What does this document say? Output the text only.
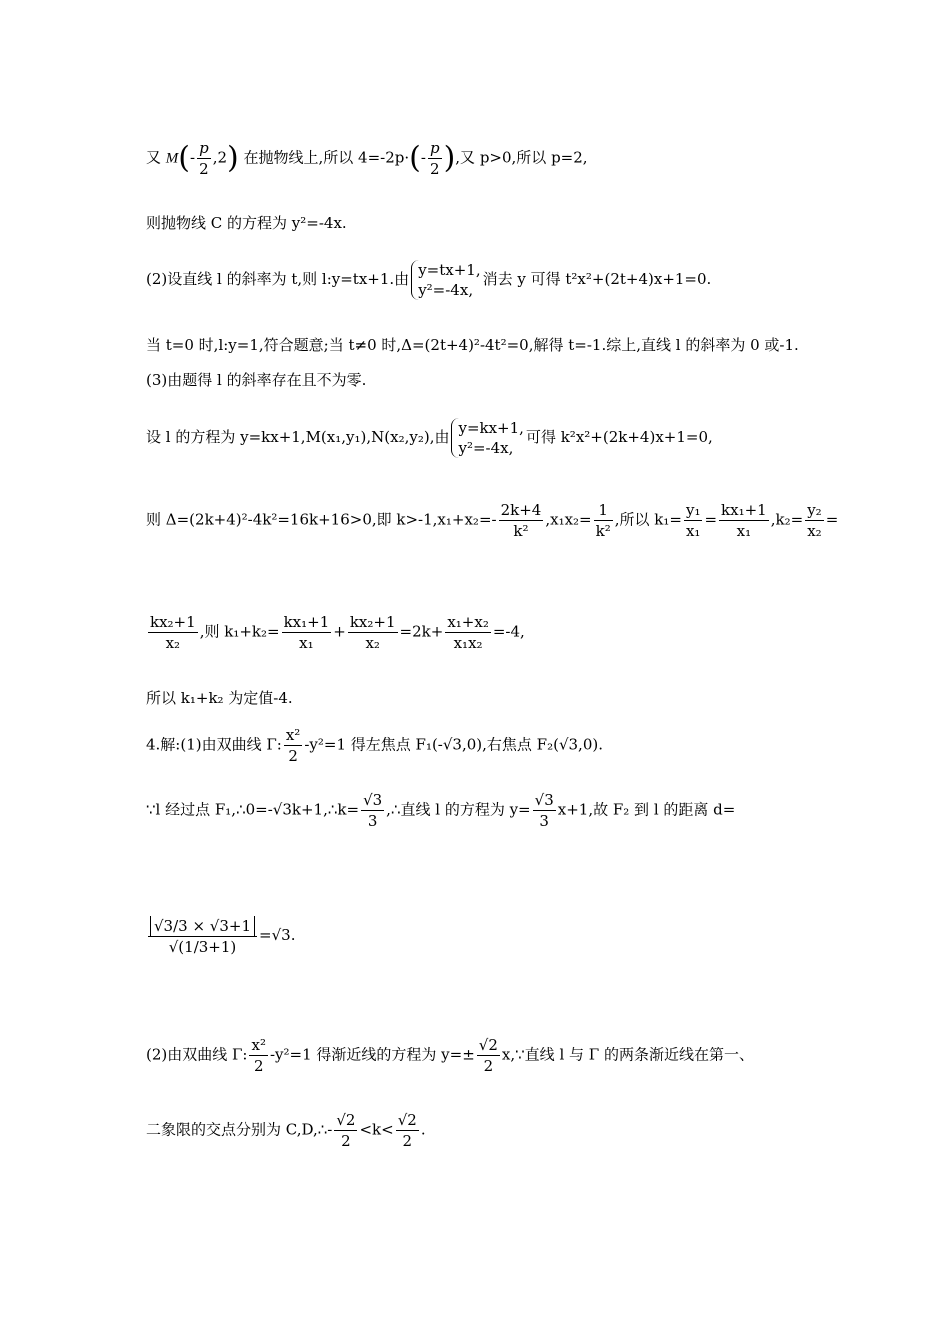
又 $M(- \frac{p}{2} ,2)$ 在抛物线上,所以 $4=-2p\cdot(- \frac{p}{2}$ ),又 p>0,所以 p=2,
则抛物线 C 的方程为 y²=-4x.
(2)设直线 l 的斜率为 t,则 l:y=tx+1.由 y=tx+1,
y²=-4x,
消去 y 可得 t²x²+(2t+4)x+1=0.
当 t=0 时,l:y=1,符合题意;当 t≠0 时,Δ=(2t+4)²-4t²=0,解得 t=-1.综上,直线 l 的斜率为 0 或-1.
(3)由题得 l 的斜率存在且不为零.
设 l 的方程为 y=kx+1,M(x₁,y₁),N(x₂,y₂),由 y=kx+1,
y²=-4x,
可得 k²x²+(2k+4)x+1=0,
则 Δ=(2k+4)²-4k²=16k+16>0,即 $k>-1,x_1+x_2=- \frac{2k+4}{\text{k²}} ,x_1x_2= \frac{1}{\text{k²}}$ ,所以 $k_1= \frac{\text{y₁}}{\text{x₁}} = \frac{\text{kx₁+1}}{\text{x₁}} ,k_2= \frac{\text{y₂}}{\text{x₂}}$ =
$\frac{\text{kx₂+1}}{\text{x₂}}$ ,则 $k_1+k_2= \frac{\text{kx₁+1}}{\text{x₁}} + \frac{\text{kx₂+1}}{\text{x₂}} =2k+ \frac{\text{x₁+x₂}}{\text{x₁x₂}} =-4$,
所以 k₁+k₂ 为定值-4.
4.解:(1)由双曲线 Γ: $\frac{\text{x²}}{2} -y^2=1$ 得左焦点 F₁(-√3,0),右焦点 F₂(√3,0).
∵l 经过点 F₁,∴0=-√3k+1,∴k= $\frac{√3}{3}$ ,∴直线 l 的方程为 $y= \frac{√3}{3} x+1$,故 F₂ 到 l 的距离 d=
$\frac{√3/3 \times √3+1}{√(1/3+1)} =√3$.
(2)由双曲线 Γ: $\frac{\text{x²}}{2} -y^2=1$ 得渐近线的方程为 $y=\pm \frac{√2}{2}$ x,∵直线 l 与 Γ 的两条渐近线在第一、
二象限的交点分别为 C,D,∴- $\frac{√2}{2} <k< \frac{√2}{2}$ .
